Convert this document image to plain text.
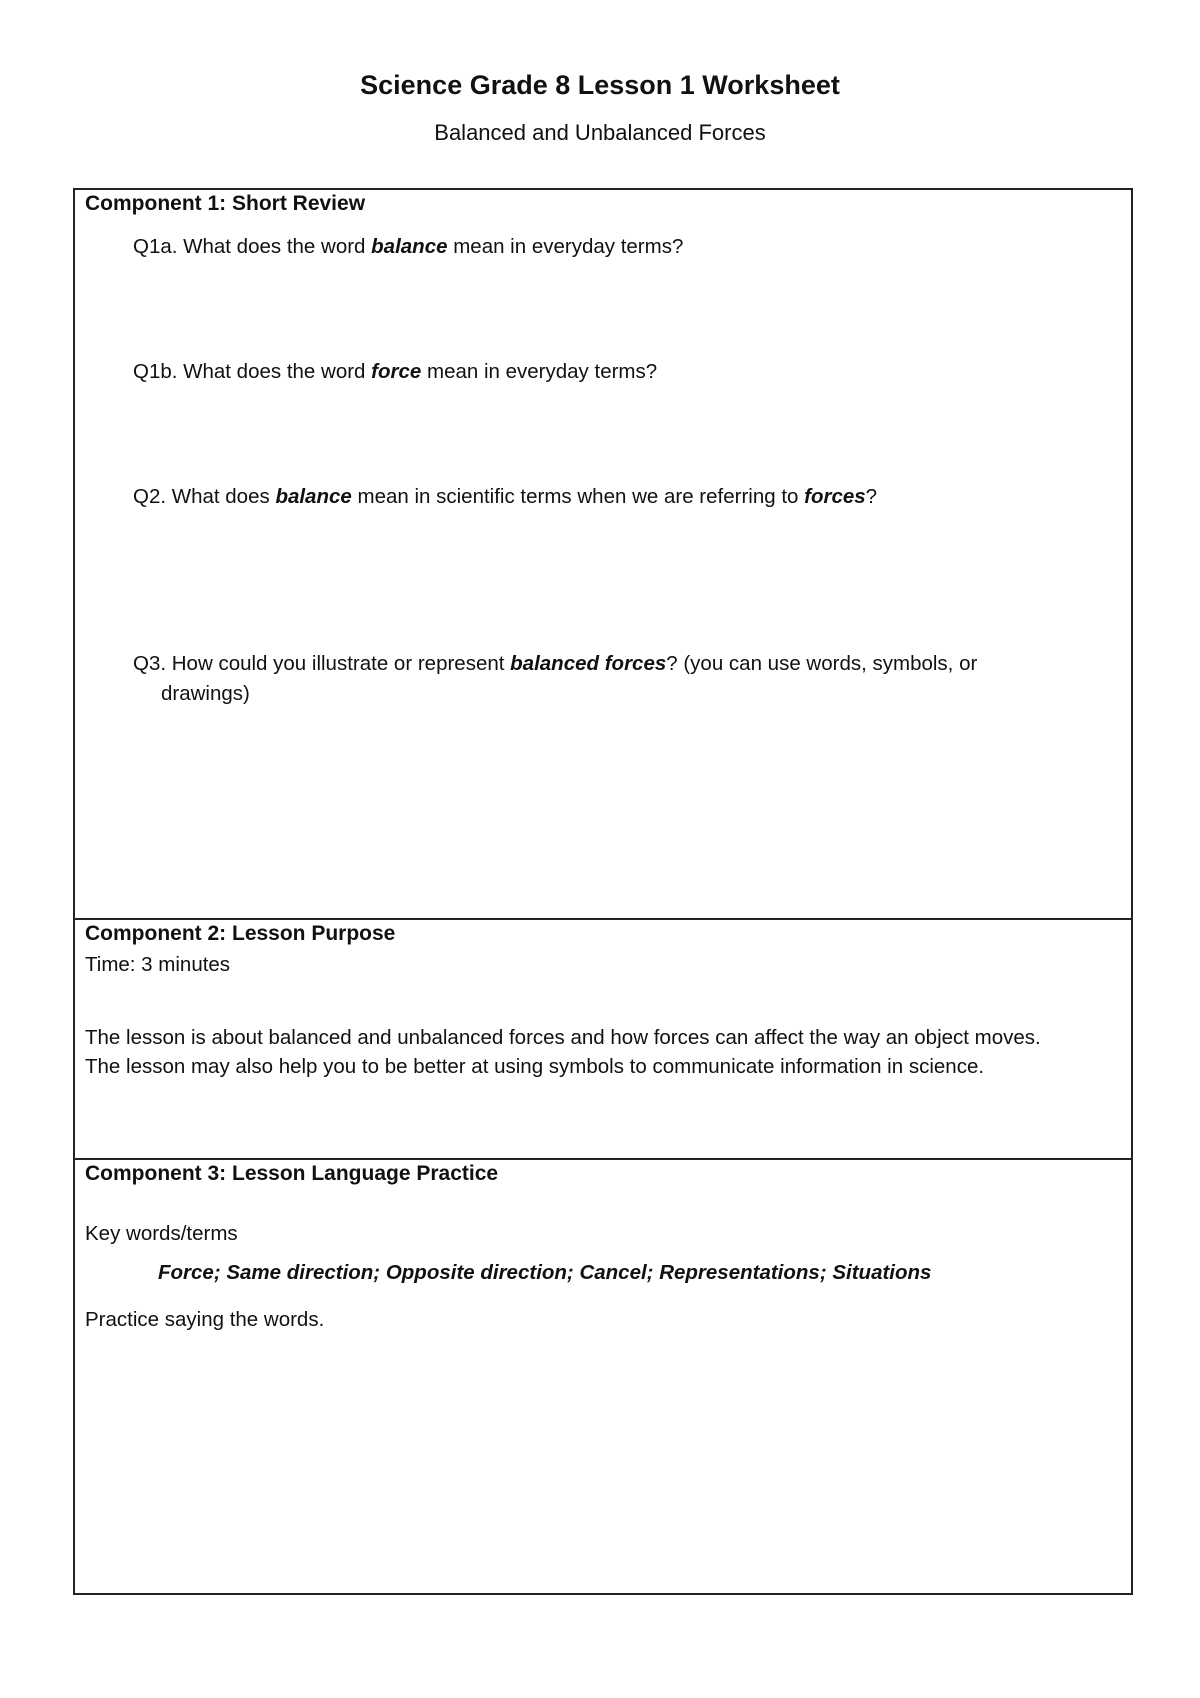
Science Grade 8 Lesson 1 Worksheet
Balanced and Unbalanced Forces
Component 1: Short Review
Q1a. What does the word balance mean in everyday terms?
Q1b. What does the word force mean in everyday terms?
Q2. What does balance mean in scientific terms when we are referring to forces?
Q3. How could you illustrate or represent balanced forces? (you can use words, symbols, or drawings)
Component 2: Lesson Purpose
Time: 3 minutes
The lesson is about balanced and unbalanced forces and how forces can affect the way an object moves.
The lesson may also help you to be better at using symbols to communicate information in science.
Component 3: Lesson Language Practice
Key words/terms
Force; Same direction; Opposite direction; Cancel; Representations; Situations
Practice saying the words.
